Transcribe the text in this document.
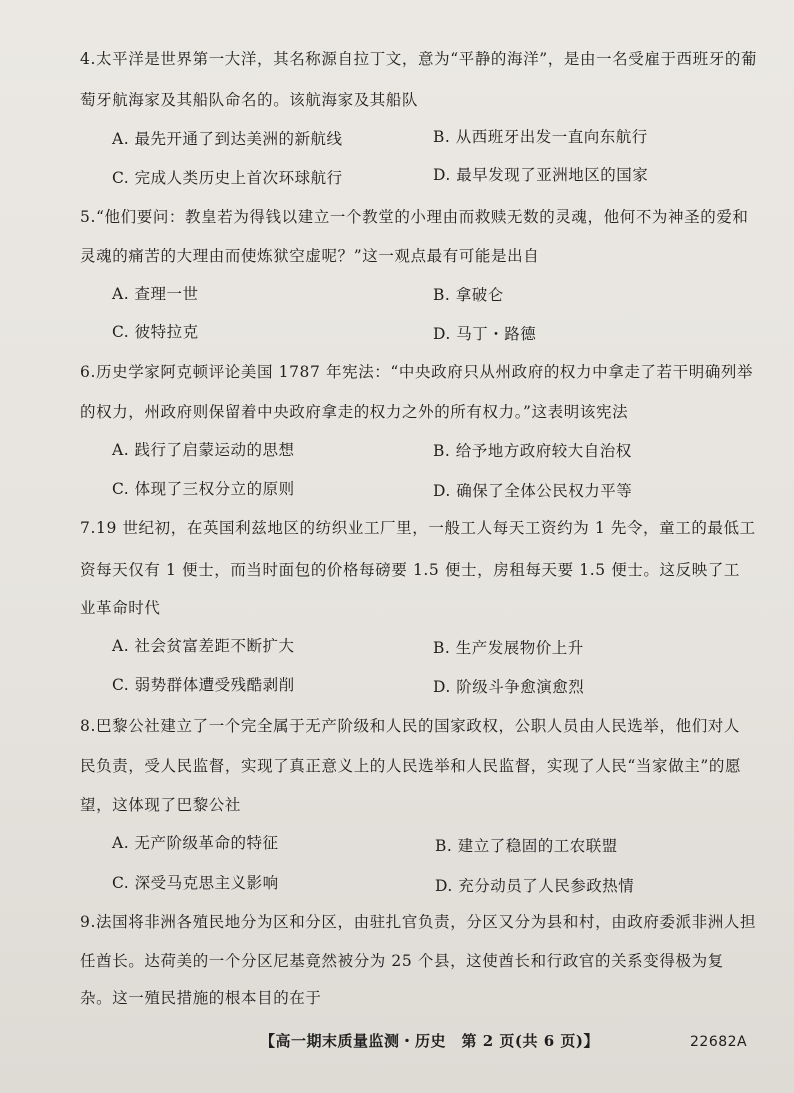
4.太平洋是世界第一大洋，其名称源自拉丁文，意为“平静的海洋”，是由一名受雇于西班牙的葡
萄牙航海家及其船队命名的。该航海家及其船队
A. 最先开通了到达美洲的新航线	B. 从西班牙出发一直向东航行
C. 完成人类历史上首次环球航行	D. 最早发现了亚洲地区的国家
5.“他们要问：教皇若为得钱以建立一个教堂的小理由而救赎无数的灵魂，他何不为神圣的爱和
灵魂的痛苦的大理由而使炼狱空虚呢？”这一观点最有可能是出自
A. 查理一世	B. 拿破仑
C. 彼特拉克	D. 马丁・路德
6.历史学家阿克顿评论美国 1787 年宪法：“中央政府只从州政府的权力中拿走了若干明确列举
的权力，州政府则保留着中央政府拿走的权力之外的所有权力。”这表明该宪法
A. 践行了启蒙运动的思想	B. 给予地方政府较大自治权
C. 体现了三权分立的原则	D. 确保了全体公民权力平等
7.19 世纪初，在英国利兹地区的纺织业工厂里，一般工人每天工资约为 1 先令，童工的最低工
资每天仅有 1 便士，而当时面包的价格每磅要 1.5 便士，房租每天要 1.5 便士。这反映了工
业革命时代
A. 社会贫富差距不断扩大	B. 生产发展物价上升
C. 弱势群体遭受残酷剥削	D. 阶级斗争愈演愈烈
8.巴黎公社建立了一个完全属于无产阶级和人民的国家政权，公职人员由人民选举，他们对人
民负责，受人民监督，实现了真正意义上的人民选举和人民监督，实现了人民“当家做主”的愿
望，这体现了巴黎公社
A. 无产阶级革命的特征	B. 建立了稳固的工农联盟
C. 深受马克思主义影响	D. 充分动员了人民参政热情
9.法国将非洲各殖民地分为区和分区，由驻扎官负责，分区又分为县和村，由政府委派非洲人担
任酋长。达荷美的一个分区尼基竟然被分为 25 个县，这使酋长和行政官的关系变得极为复
杂。这一殖民措施的根本目的在于
【高一期末质量监测・历史　第 2 页(共 6 页)】	22682A
